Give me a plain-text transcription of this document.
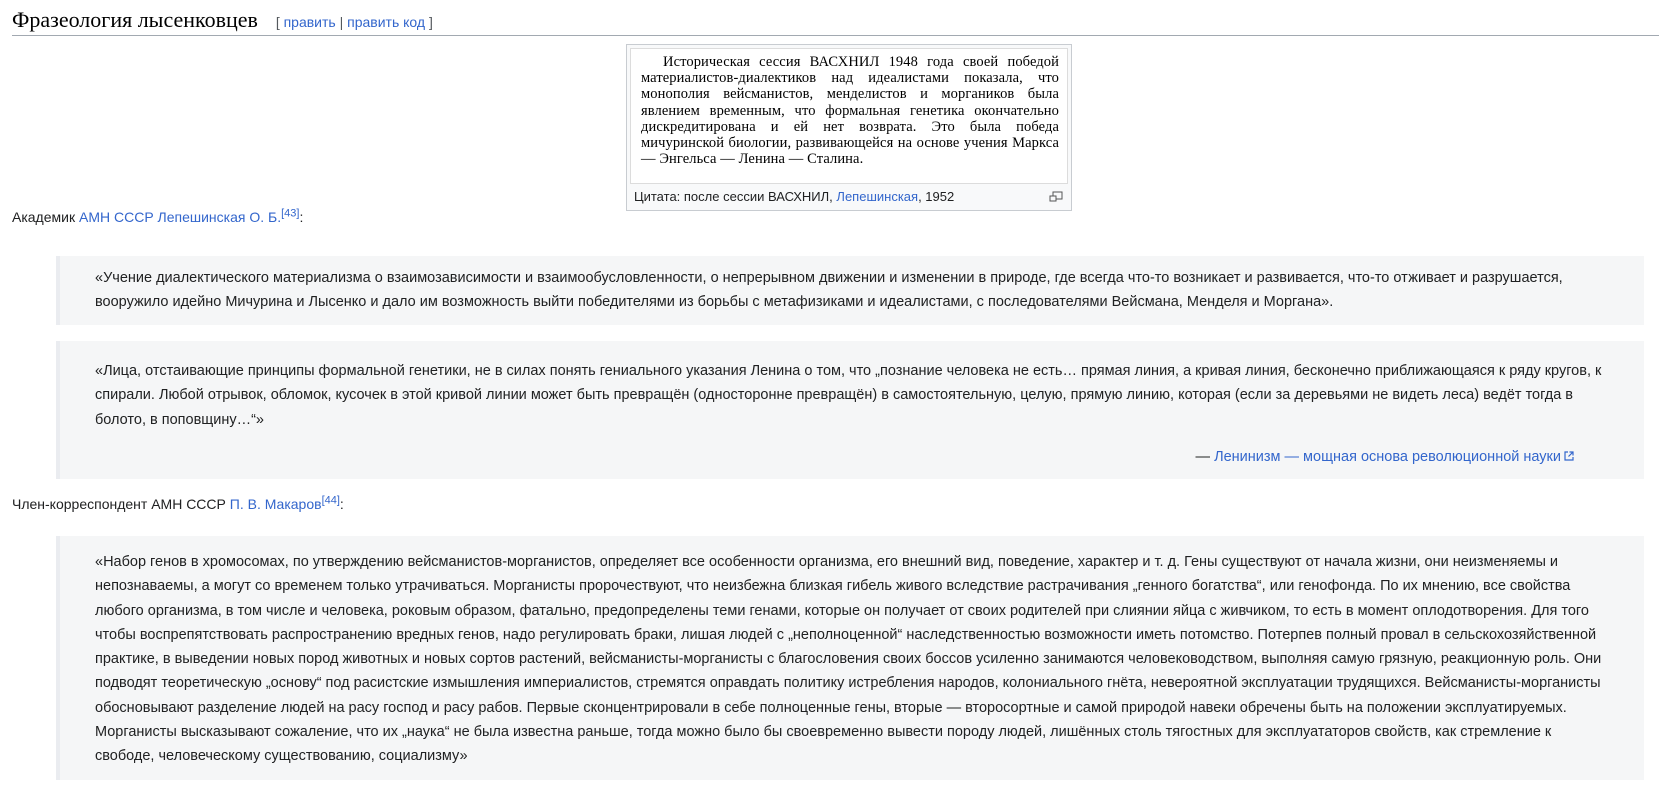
Фразеология лысенковцев [ править | править код ]

Историческая сессия ВАСХНИЛ 1948 года своей победой материалистов-диалектиков над идеалистами показала, что монополия вейсманистов, менделистов и моргаников была явлением временным, что формальная генетика окончательно дискредитирована и ей нет возврата. Это была победа мичуринской биологии, развивающейся на основе учения Маркса — Энгельса — Ленина — Сталина.

Цитата: после сессии ВАСХНИЛ, Лепешинская, 1952
Академик АМН СССР Лепешинская О. Б.[43]:

«Учение диалектического материализма о взаимозависимости и взаимообусловленности, о непрерывном движении и изменении в природе, где всегда что-то возникает и развивается, что-то отживает и разрушается, вооружило идейно Мичурина и Лысенко и дало им возможность выйти победителями из борьбы с метафизиками и идеалистами, с последователями Вейсмана, Менделя и Моргана».

«Лица, отстаивающие принципы формальной генетики, не в силах понять гениального указания Ленина о том, что „познание человека не есть… прямая линия, а кривая линия, бесконечно приближающаяся к ряду кругов, к спирали. Любой отрывок, обломок, кусочек в этой кривой линии может быть превращён (односторонне превращён) в самостоятельную, целую, прямую линию, которая (если за деревьями не видеть леса) ведёт тогда в болото, в поповщину…“»

— Ленинизм — мощная основа революционной науки
Член-корреспондент АМН СССР П. В. Макаров[44]:

«Набор генов в хромосомах, по утверждению вейсманистов-морганистов, определяет все особенности организма, его внешний вид, поведение, характер и т. д. Гены существуют от начала жизни, они неизменяемы и непознаваемы, а могут со временем только утрачиваться. Морганисты пророчествуют, что неизбежна близкая гибель живого вследствие растрачивания „генного богатства“, или генофонда. По их мнению, все свойства любого организма, в том числе и человека, роковым образом, фатально, предопределены теми генами, которые он получает от своих родителей при слиянии яйца с живчиком, то есть в момент оплодотворения. Для того чтобы воспрепятствовать распространению вредных генов, надо регулировать браки, лишая людей с „неполноценной“ наследственностью возможности иметь потомство. Потерпев полный провал в сельскохозяйственной практике, в выведении новых пород животных и новых сортов растений, вейсманисты-морганисты с благословения своих боссов усиленно занимаются человеководством, выполняя самую грязную, реакционную роль. Они подводят теоретическую „основу“ под расистские измышления империалистов, стремятся оправдать политику истребления народов, колониального гнёта, невероятной эксплуатации трудящихся. Вейсманисты-морганисты обосновывают разделение людей на расу господ и расу рабов. Первые сконцентрировали в себе полноценные гены, вторые — второсортные и самой природой навеки обречены быть на положении эксплуатируемых. Морганисты высказывают сожаление, что их „наука“ не была известна раньше, тогда можно было бы своевременно вывести породу людей, лишённых столь тягостных для эксплуататоров свойств, как стремление к свободе, человеческому существованию, социализму»
